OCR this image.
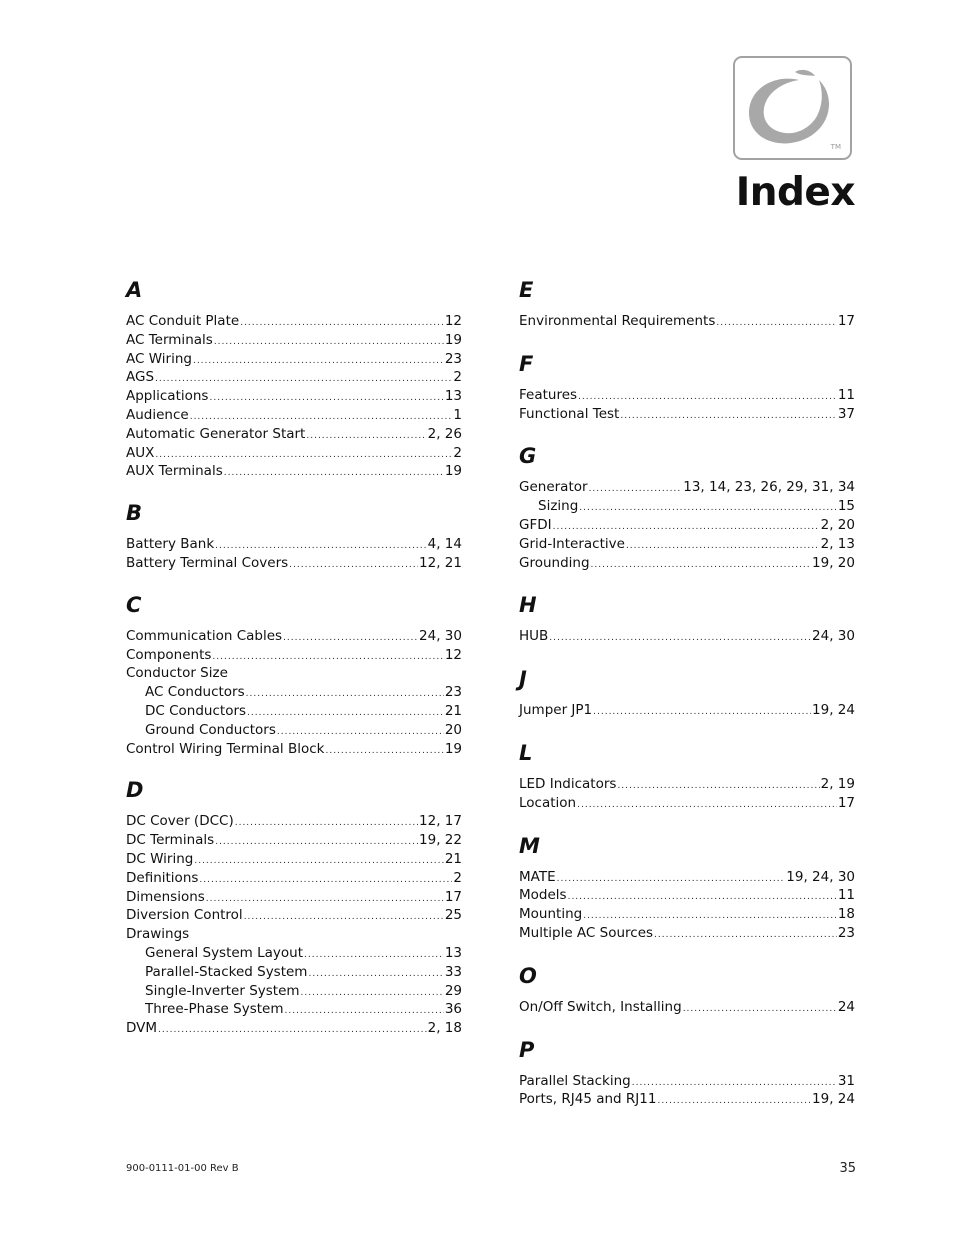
TM
Index
A
AC Conduit Plate .....	12
AC Terminals .....	19
AC Wiring .....	23
AGS .....	2
Applications .....	13
Audience .....	1
Automatic Generator Start .....	2, 26
AUX .....	2
AUX Terminals .....	19
B
Battery Bank .....	4, 14
Battery Terminal Covers .....	12, 21
C
Communication Cables .....	24, 30
Components .....	12
Conductor Size
AC Conductors .....	23
DC Conductors .....	21
Ground Conductors .....	20
Control Wiring Terminal Block .....	19
D
DC Cover (DCC) .....	12, 17
DC Terminals .....	19, 22
DC Wiring .....	21
Definitions .....	2
Dimensions .....	17
Diversion Control .....	25
Drawings
General System Layout .....	13
Parallel-Stacked System .....	33
Single-Inverter System .....	29
Three-Phase System .....	36
DVM .....	2, 18
E
Environmental Requirements .....	17
F
Features .....	11
Functional Test .....	37
G
Generator .....	13, 14, 23, 26, 29, 31, 34
Sizing .....	15
GFDI .....	2, 20
Grid-Interactive .....	2, 13
Grounding .....	19, 20
H
HUB .....	24, 30
J
Jumper JP1 .....	19, 24
L
LED Indicators .....	2, 19
Location .....	17
M
MATE .....	19, 24, 30
Models .....	11
Mounting .....	18
Multiple AC Sources .....	23
O
On/Off Switch, Installing .....	24
P
Parallel Stacking .....	31
Ports, RJ45 and RJ11 .....	19, 24
900-0111-01-00 Rev B	35
